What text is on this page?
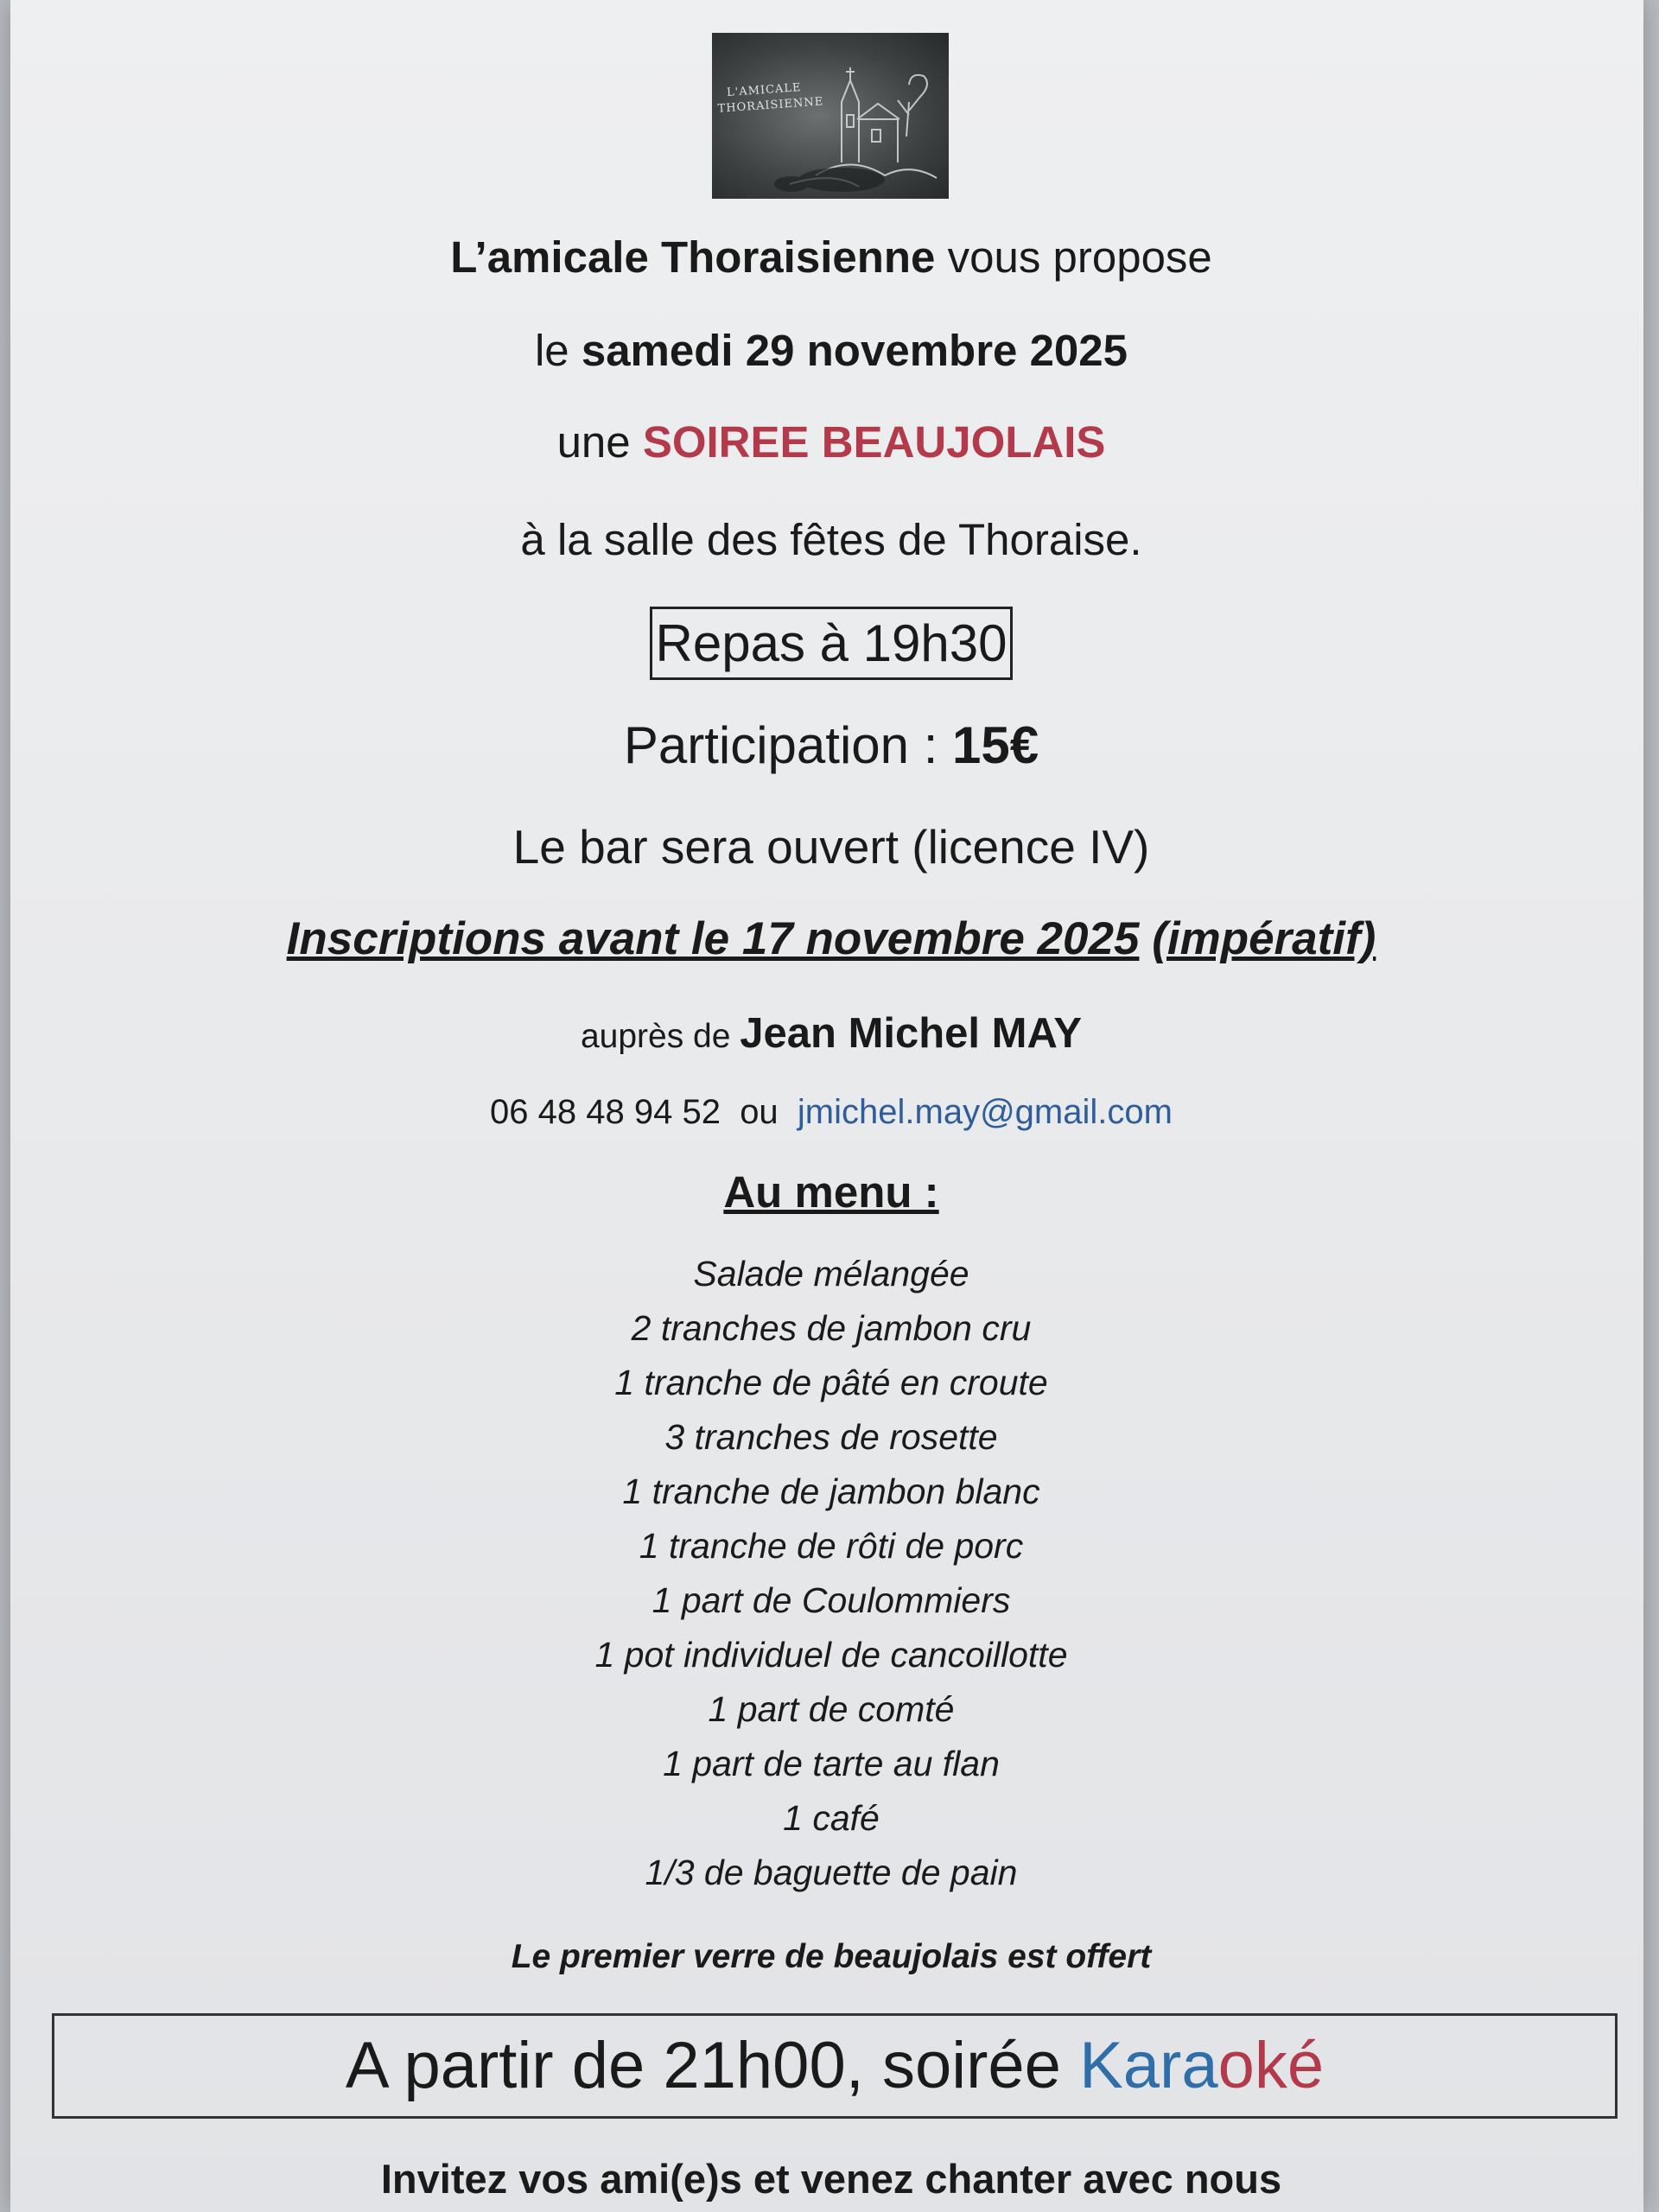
L'AMICALE
THORAISIENNE
L’amicale Thoraisienne vous propose
le samedi 29 novembre 2025
une SOIREE BEAUJOLAIS
à la salle des fêtes de Thoraise.
Repas à 19h30
Participation : 15€
Le bar sera ouvert (licence IV)
Inscriptions avant le 17 novembre 2025 (impératif)
auprès de Jean Michel MAY
06 48 48 94 52 ou jmichel.may@gmail.com
Au menu :
Salade mélangée
2 tranches de jambon cru
1 tranche de pâté en croute
3 tranches de rosette
1 tranche de jambon blanc
1 tranche de rôti de porc
1 part de Coulommiers
1 pot individuel de cancoillotte
1 part de comté
1 part de tarte au flan
1 café
1/3 de baguette de pain
Le premier verre de beaujolais est offert
A partir de 21h00, soirée Karaoké
Invitez vos ami(e)s et venez chanter avec nous
